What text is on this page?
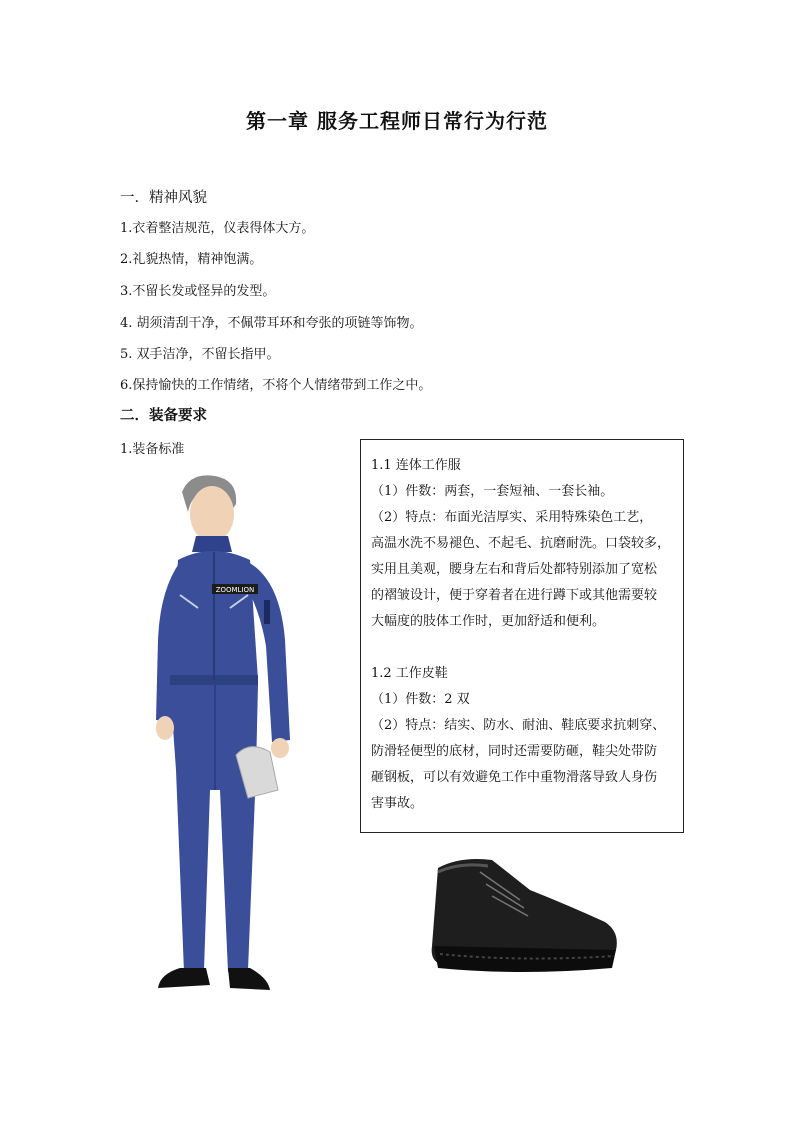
第一章 服务工程师日常行为行范
一．精神风貌
1.衣着整洁规范，仪表得体大方。
2.礼貌热情，精神饱满。
3.不留长发或怪异的发型。
4. 胡须清刮干净，不佩带耳环和夸张的项链等饰物。
5. 双手洁净，不留长指甲。
6.保持愉快的工作情绪，不将个人情绪带到工作之中。
二．装备要求
1.装备标准

1.1 连体工作服

（1）件数：两套，一套短袖、一套长袖。

（2）特点：布面光洁厚实、采用特殊染色工艺，

高温水洗不易褪色、不起毛、抗磨耐洗。口袋较多，

实用且美观，腰身左右和背后处都特别添加了宽松

的褶皱设计，便于穿着者在进行蹲下或其他需要较

大幅度的肢体工作时，更加舒适和便利。

1.2 工作皮鞋

（1）件数：2 双

（2）特点：结实、防水、耐油、鞋底要求抗刺穿、

防滑轻便型的底材，同时还需要防砸，鞋尖处带防

砸钢板，可以有效避免工作中重物滑落导致人身伤

害事故。

ZOOMLION
